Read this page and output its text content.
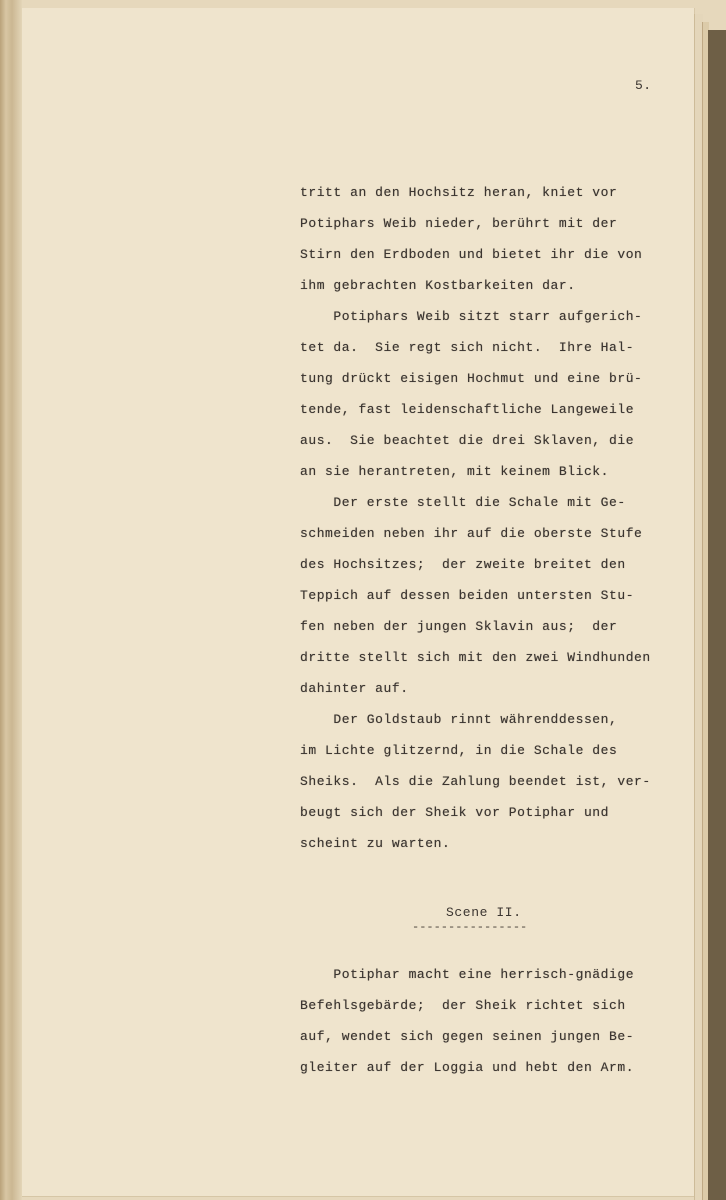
5.
tritt an den Hochsitz heran, kniet vor
Potiphars Weib nieder, berührt mit der
Stirn den Erdboden und bietet ihr die von
ihm gebrachten Kostbarkeiten dar.
Potiphars Weib sitzt starr aufgerich-
tet da.  Sie regt sich nicht.  Ihre Hal-
tung drückt eisigen Hochmut und eine brü-
tende, fast leidenschaftliche Langeweile
aus.  Sie beachtet die drei Sklaven, die
an sie herantreten, mit keinem Blick.
Der erste stellt die Schale mit Ge-
schmeiden neben ihr auf die oberste Stufe
des Hochsitzes;  der zweite breitet den
Teppich auf dessen beiden untersten Stu-
fen neben der jungen Sklavin aus;  der
dritte stellt sich mit den zwei Windhunden
dahinter auf.
Der Goldstaub rinnt währenddessen,
im Lichte glitzernd, in die Schale des
Sheiks.  Als die Zahlung beendet ist, ver-
beugt sich der Sheik vor Potiphar und
scheint zu warten.
Scene II.
----------------
Potiphar macht eine herrisch-gnädige
Befehlsgebärde;  der Sheik richtet sich
auf, wendet sich gegen seinen jungen Be-
gleiter auf der Loggia und hebt den Arm.
